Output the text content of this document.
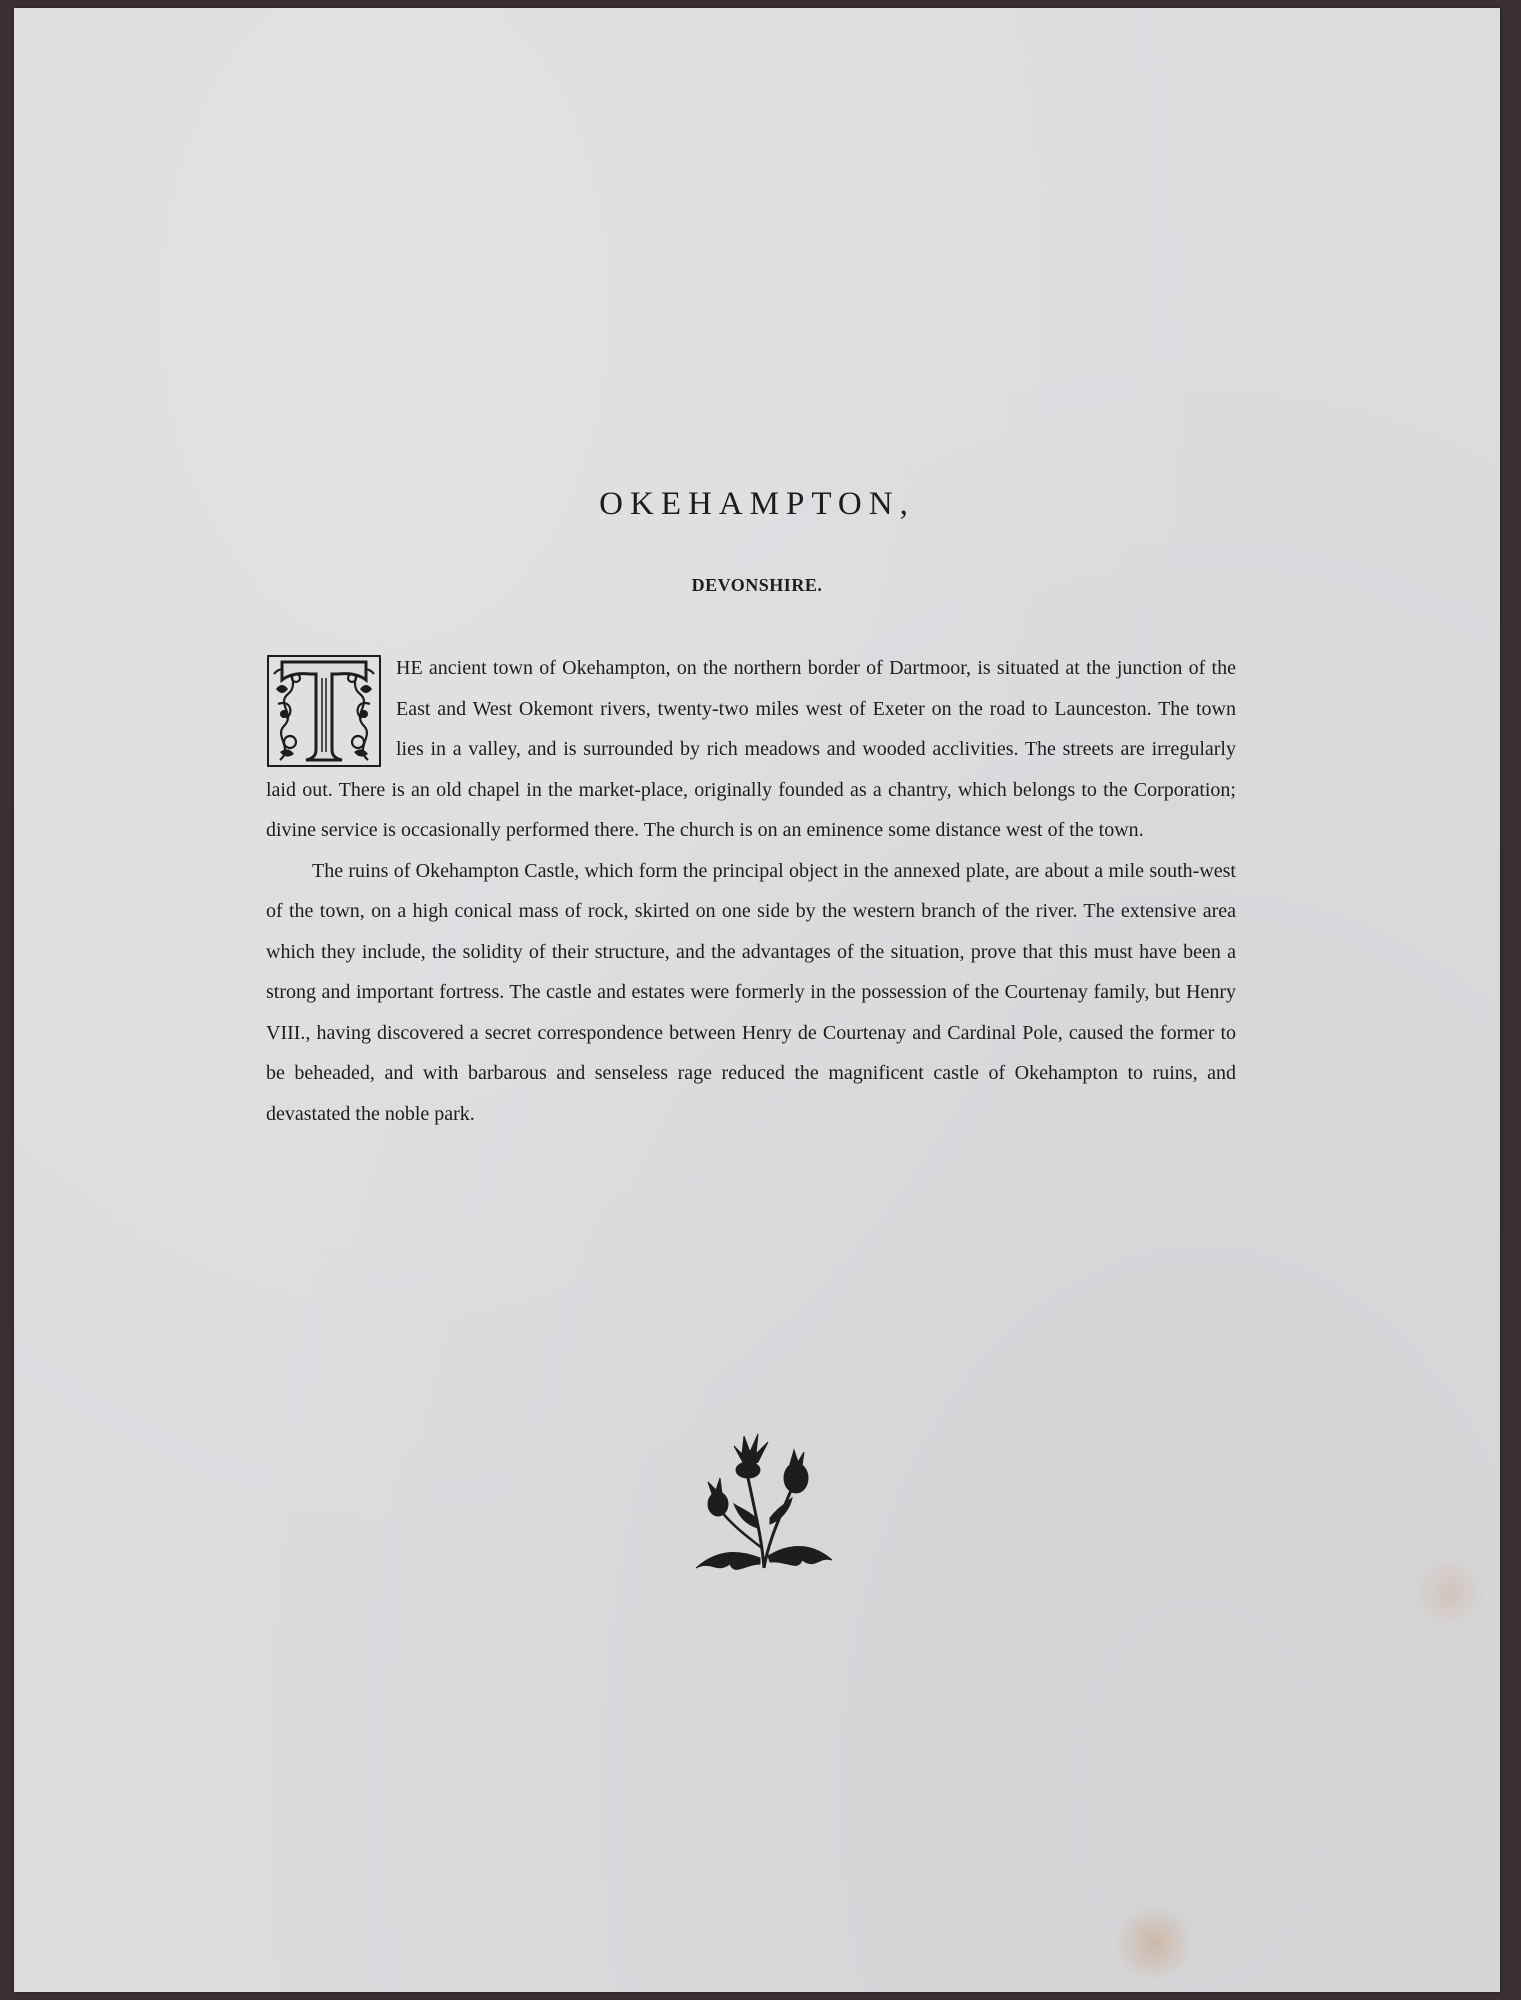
OKEHAMPTON,
DEVONSHIRE.

HE ancient town of Okehampton, on the northern border of Dartmoor, is situated at the junction of the East and West Okemont rivers, twenty-two miles west of Exeter on the road to Launceston. The town lies in a valley, and is surrounded by rich meadows and wooded acclivities. The streets are irregularly laid out. There is an old chapel in the market-place, originally founded as a chantry, which belongs to the Corporation; divine service is occasionally performed there. The church is on an eminence some distance west of the town.

The ruins of Okehampton Castle, which form the principal object in the annexed plate, are about a mile south-west of the town, on a high conical mass of rock, skirted on one side by the western branch of the river. The extensive area which they include, the solidity of their structure, and the advantages of the situation, prove that this must have been a strong and important fortress. The castle and estates were formerly in the possession of the Courtenay family, but Henry VIII., having discovered a secret correspondence between Henry de Courtenay and Cardinal Pole, caused the former to be beheaded, and with barbarous and senseless rage reduced the magnificent castle of Okehampton to ruins, and devastated the noble park.
